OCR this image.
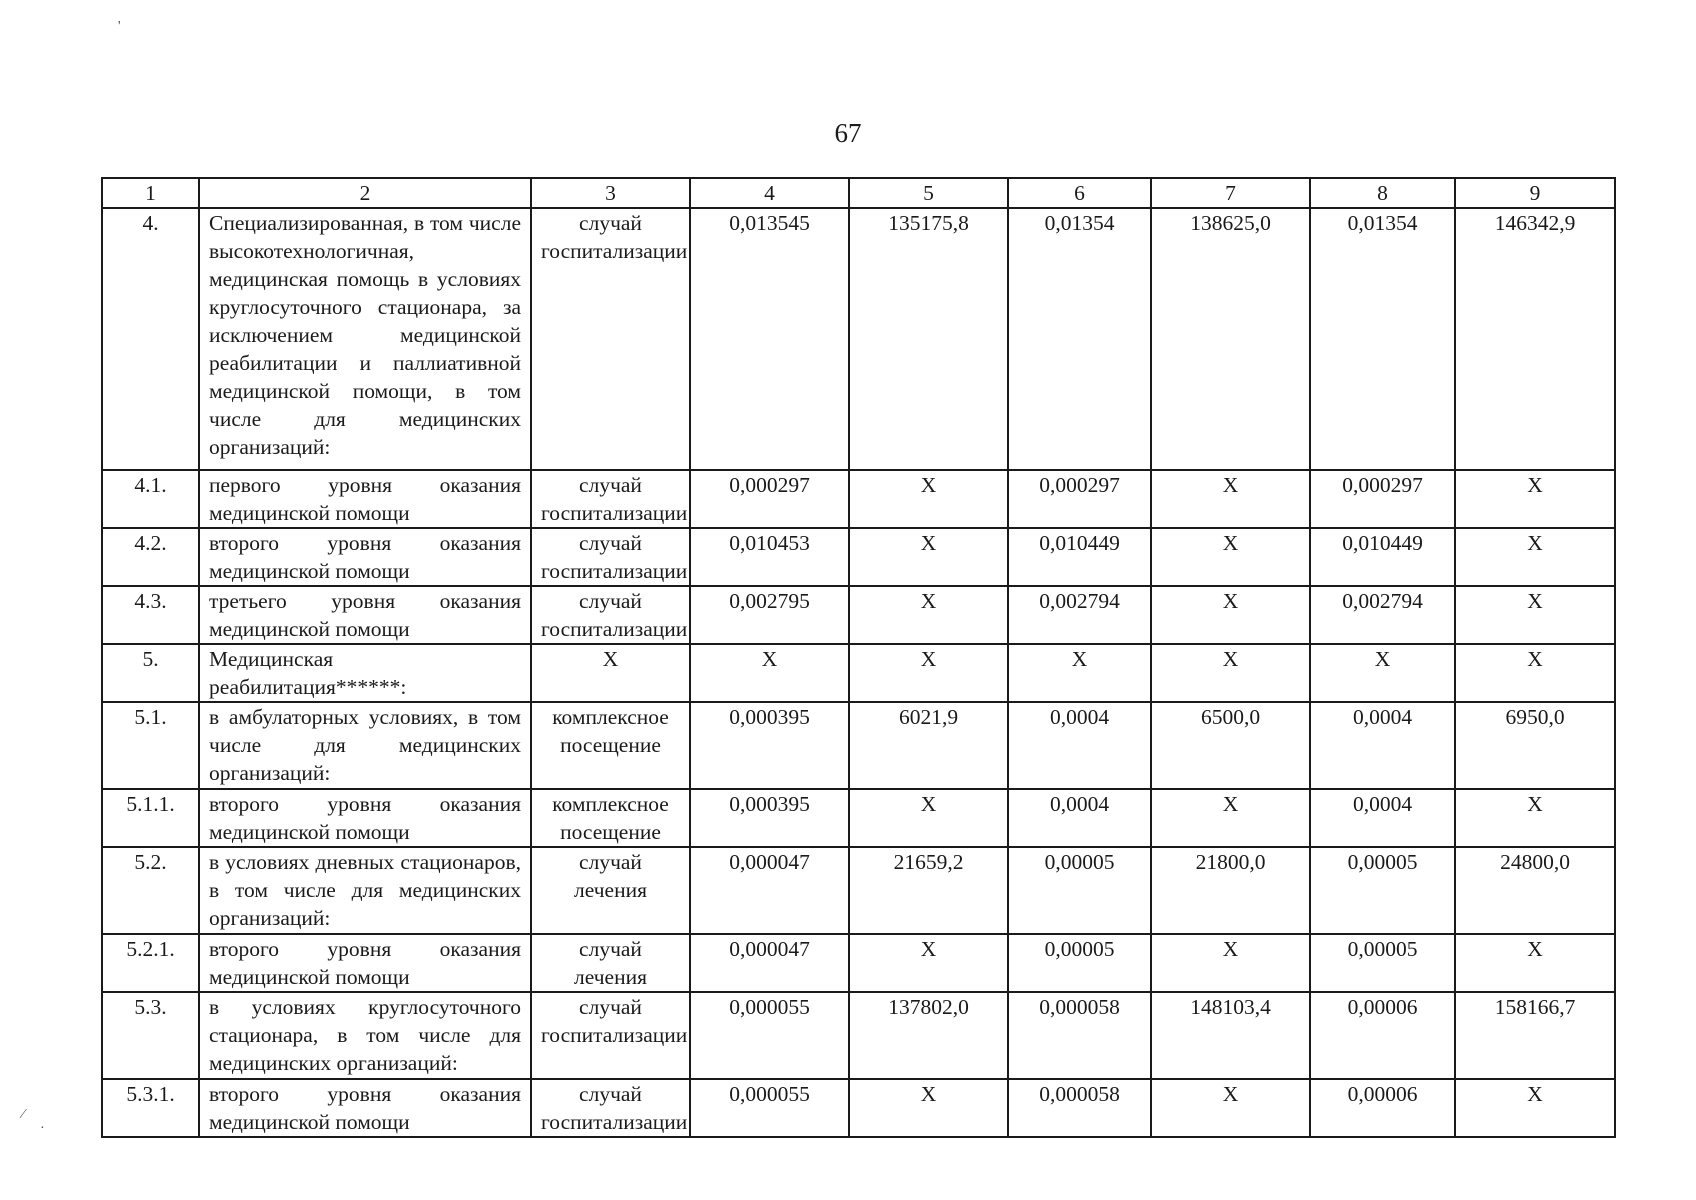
67
1	2	3	4	5	6	7	8	9
4.	Специализированная, в том числе высокотехнологичная, медицинская помощь в условиях круглосуточного стационара, за исключением медицинской реабилитации и паллиативной медицинской помощи, в том числе для медицинских организаций:	случай госпитализации	0,013545	135175,8	0,01354	138625,0	0,01354	146342,9
4.1.	первого уровня оказания медицинской помощи	случай госпитализации	0,000297	X	0,000297	X	0,000297	X
4.2.	второго уровня оказания медицинской помощи	случай госпитализации	0,010453	X	0,010449	X	0,010449	X
4.3.	третьего уровня оказания медицинской помощи	случай госпитализации	0,002795	X	0,002794	X	0,002794	X
5.	Медицинская реабилитация******:	X	X	X	X	X	X	X
5.1.	в амбулаторных условиях, в том числе для медицинских организаций:	комплексное посещение	0,000395	6021,9	0,0004	6500,0	0,0004	6950,0
5.1.1.	второго уровня оказания медицинской помощи	комплексное посещение	0,000395	X	0,0004	X	0,0004	X
5.2.	в условиях дневных стационаров, в том числе для медицинских организаций:	случай лечения	0,000047	21659,2	0,00005	21800,0	0,00005	24800,0
5.2.1.	второго уровня оказания медицинской помощи	случай лечения	0,000047	X	0,00005	X	0,00005	X
5.3.	в условиях круглосуточного стационара, в том числе для медицинских организаций:	случай госпитализации	0,000055	137802,0	0,000058	148103,4	0,00006	158166,7
5.3.1.	второго уровня оказания медицинской помощи	случай госпитализации	0,000055	X	0,000058	X	0,00006	X
'
⁄
·
